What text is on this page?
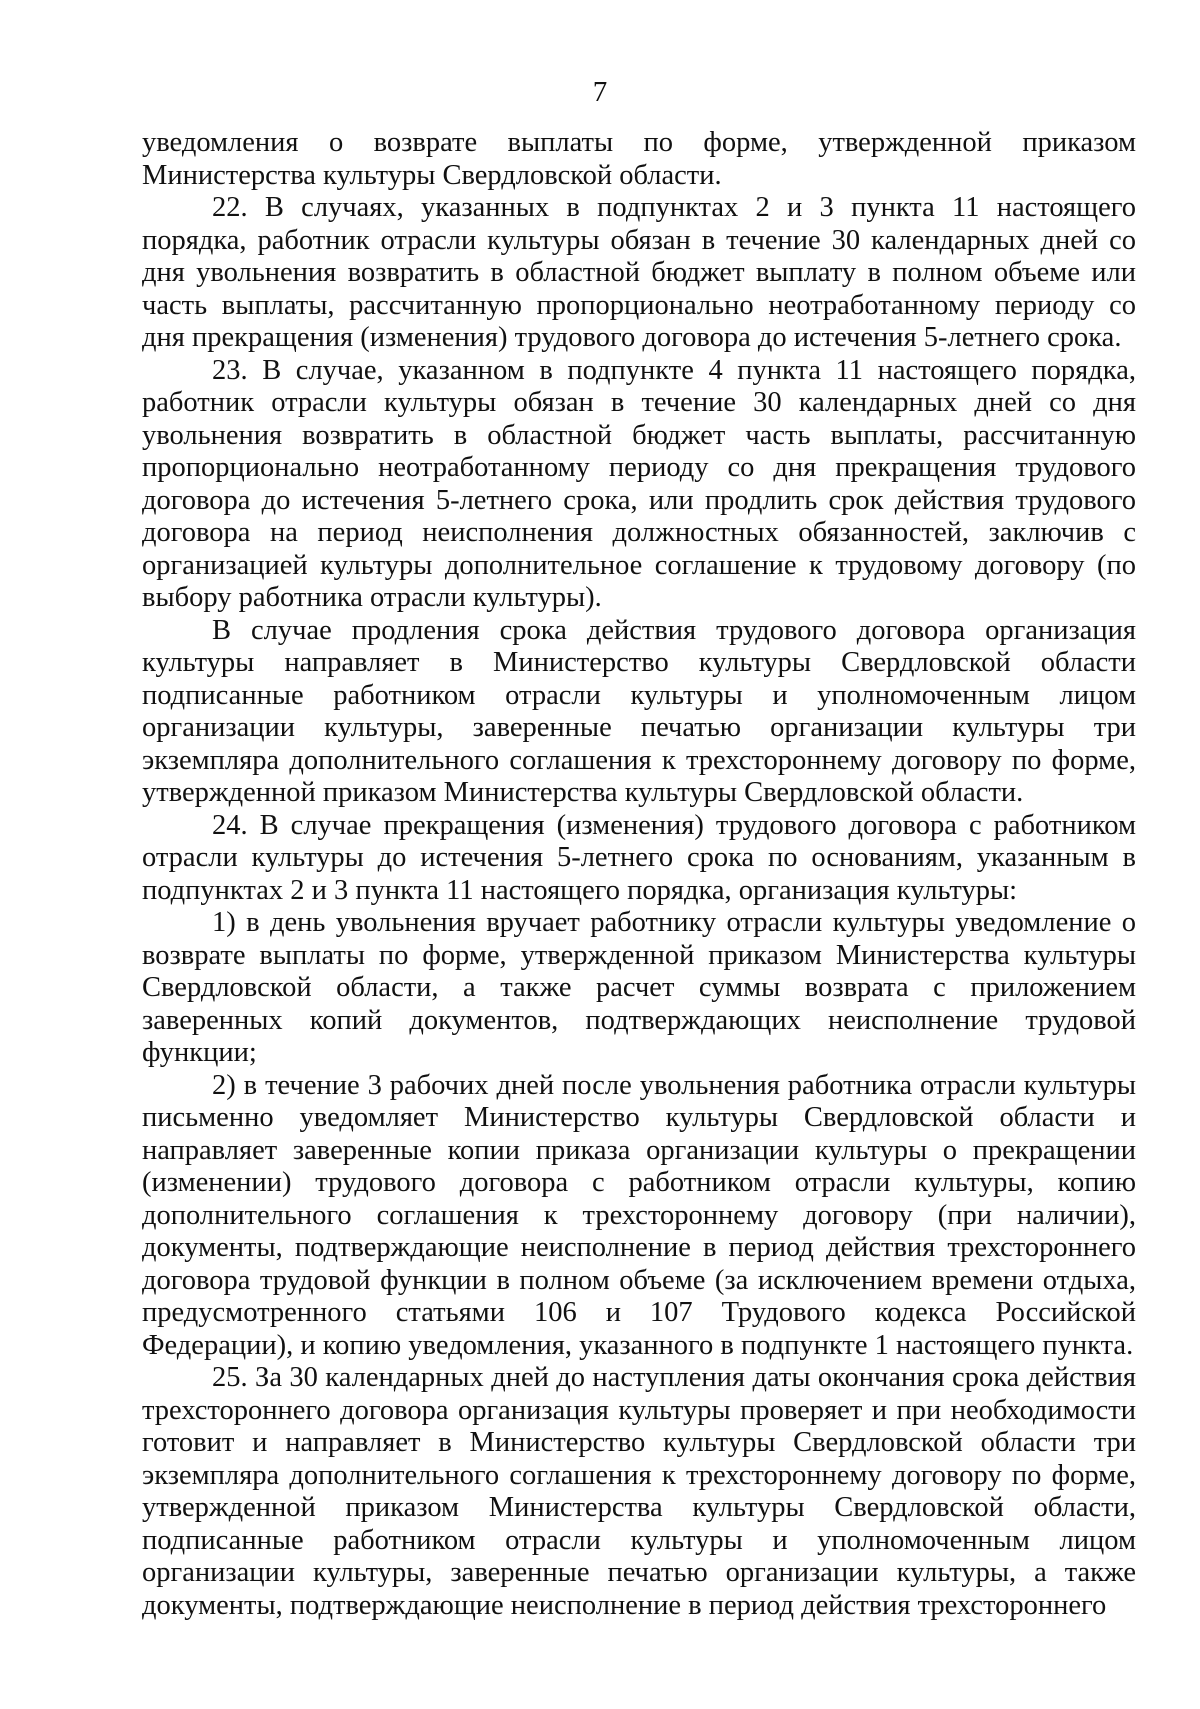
7

уведомления о возврате выплаты по форме, утвержденной приказом Министерства культуры Свердловской области.

22. В случаях, указанных в подпунктах 2 и 3 пункта 11 настоящего порядка, работник отрасли культуры обязан в течение 30 календарных дней со дня увольнения возвратить в областной бюджет выплату в полном объеме или часть выплаты, рассчитанную пропорционально неотработанному периоду со дня прекращения (изменения) трудового договора до истечения 5-летнего срока.

23. В случае, указанном в подпункте 4 пункта 11 настоящего порядка, работник отрасли культуры обязан в течение 30 календарных дней со дня увольнения возвратить в областной бюджет часть выплаты, рассчитанную пропорционально неотработанному периоду со дня прекращения трудового договора до истечения 5-летнего срока, или продлить срок действия трудового договора на период неисполнения должностных обязанностей, заключив с организацией культуры дополнительное соглашение к трудовому договору (по выбору работника отрасли культуры).

В случае продления срока действия трудового договора организация культуры направляет в Министерство культуры Свердловской области подписанные работником отрасли культуры и уполномоченным лицом организации культуры, заверенные печатью организации культуры три экземпляра дополнительного соглашения к трехстороннему договору по форме, утвержденной приказом Министерства культуры Свердловской области.

24. В случае прекращения (изменения) трудового договора с работником отрасли культуры до истечения 5-летнего срока по основаниям, указанным в подпунктах 2 и 3 пункта 11 настоящего порядка, организация культуры:

1) в день увольнения вручает работнику отрасли культуры уведомление о возврате выплаты по форме, утвержденной приказом Министерства культуры Свердловской области, а также расчет суммы возврата с приложением заверенных копий документов, подтверждающих неисполнение трудовой функции;

2) в течение 3 рабочих дней после увольнения работника отрасли культуры письменно уведомляет Министерство культуры Свердловской области и направляет заверенные копии приказа организации культуры о прекращении (изменении) трудового договора с работником отрасли культуры, копию дополнительного соглашения к трехстороннему договору (при наличии), документы, подтверждающие неисполнение в период действия трехстороннего договора трудовой функции в полном объеме (за исключением времени отдыха, предусмотренного статьями 106 и 107 Трудового кодекса Российской Федерации), и копию уведомления, указанного в подпункте 1 настоящего пункта.

25. За 30 календарных дней до наступления даты окончания срока действия трехстороннего договора организация культуры проверяет и при необходимости готовит и направляет в Министерство культуры Свердловской области три экземпляра дополнительного соглашения к трехстороннему договору по форме, утвержденной приказом Министерства культуры Свердловской области, подписанные работником отрасли культуры и уполномоченным лицом организации культуры, заверенные печатью организации культуры, а также документы, подтверждающие неисполнение в период действия трехстороннего
